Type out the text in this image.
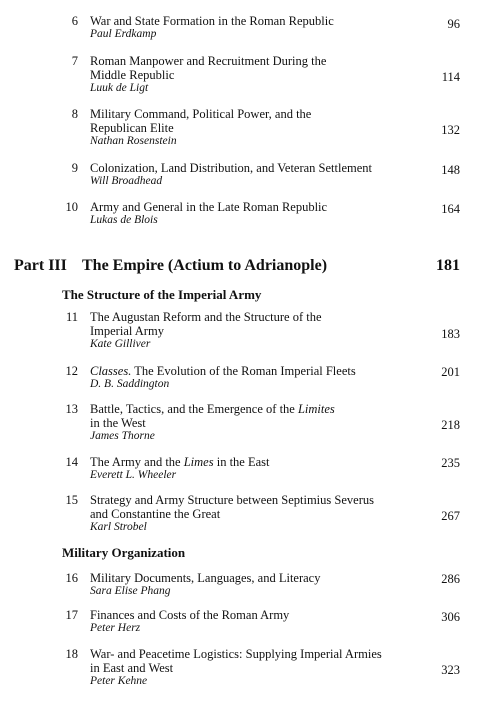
6 War and State Formation in the Roman Republic
Paul Erdkamp
96
7 Roman Manpower and Recruitment During the
Middle Republic
Luuk de Ligt
114
8 Military Command, Political Power, and the
Republican Elite
Nathan Rosenstein
132
9 Colonization, Land Distribution, and Veteran Settlement
Will Broadhead
148
10 Army and General in the Late Roman Republic
Lukas de Blois
164
Part III The Empire (Actium to Adrianople)	181
The Structure of the Imperial Army
11 The Augustan Reform and the Structure of the
Imperial Army
Kate Gilliver
183
12 Classes. The Evolution of the Roman Imperial Fleets
D. B. Saddington
201
13 Battle, Tactics, and the Emergence of the Limites
in the West
James Thorne
218
14 The Army and the Limes in the East
Everett L. Wheeler
235
15 Strategy and Army Structure between Septimius Severus
and Constantine the Great
Karl Strobel
267
Military Organization
16 Military Documents, Languages, and Literacy
Sara Elise Phang
286
17 Finances and Costs of the Roman Army
Peter Herz
306
18 War- and Peacetime Logistics: Supplying Imperial Armies
in East and West
Peter Kehne
323
